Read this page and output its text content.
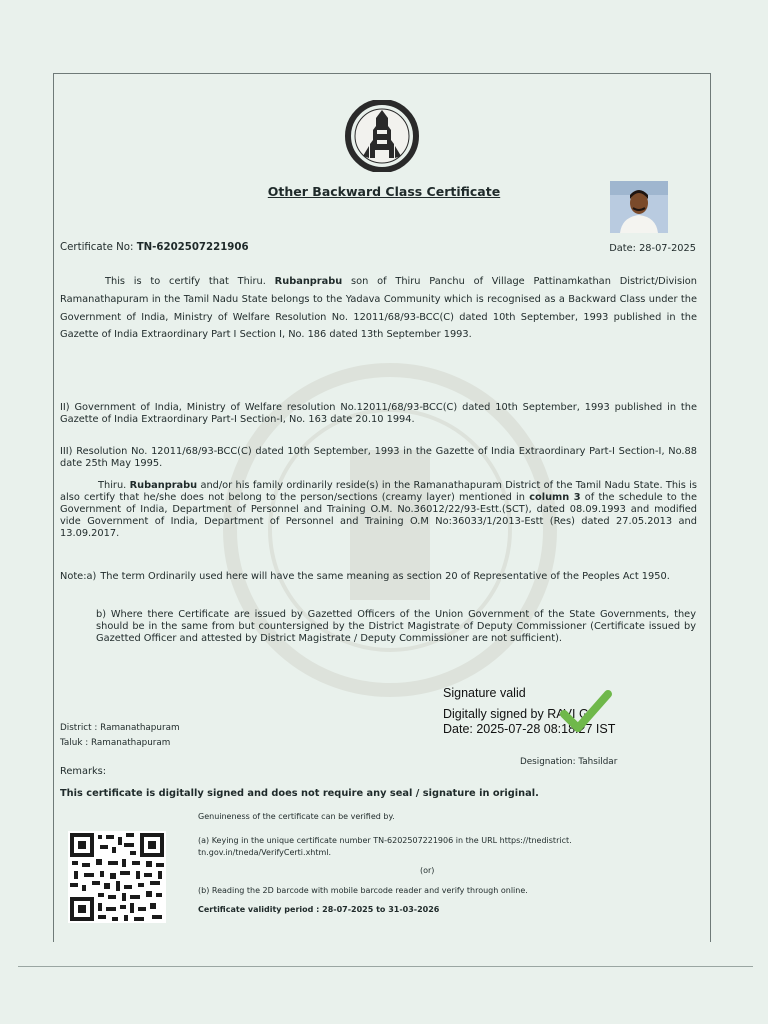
Other Backward Class Certificate
Certificate No: TN-6202507221906	Date: 28-07-2025
This is to certify that Thiru. Rubanprabu son of Thiru Panchu of Village Pattinamkathan District/Division Ramanathapuram in the Tamil Nadu State belongs to the Yadava Community which is recognised as a Backward Class under the Government of India, Ministry of Welfare Resolution No. 12011/68/93-BCC(C) dated 10th September, 1993 published in the Gazette of India Extraordinary Part I Section I, No. 186 dated 13th September 1993.
II) Government of India, Ministry of Welfare resolution No.12011/68/93-BCC(C) dated 10th September, 1993 published in the Gazette of India Extraordinary Part-I Section-I, No. 163 date 20.10 1994.
III) Resolution No. 12011/68/93-BCC(C) dated 10th September, 1993 in the Gazette of India Extraordinary Part-I Section-I, No.88 date 25th May 1995.
Thiru. Rubanprabu and/or his family ordinarily reside(s) in the Ramanathapuram District of the Tamil Nadu State. This is also certify that he/she does not belong to the person/sections (creamy layer) mentioned in column 3 of the schedule to the Government of India, Department of Personnel and Training O.M. No.36012/22/93-Estt.(SCT), dated 08.09.1993 and modified vide Government of India, Department of Personnel and Training O.M No:36033/1/2013-Estt (Res) dated 27.05.2013 and 13.09.2017.
Note:a) The term Ordinarily used here will have the same meaning as section 20 of Representative of the Peoples Act 1950.
b) Where there Certificate are issued by Gazetted Officers of the Union Government of the State Governments, they should be in the same from but countersigned by the District Magistrate of Deputy Commissioner (Certificate issued by Gazetted Officer and attested by District Magistrate / Deputy Commissioner are not sufficient).
Signature valid
Digitally signed by RAVI G
Date: 2025-07-28 08:18:27 IST
District : Ramanathapuram
Taluk : Ramanathapuram
Designation: Tahsildar
Remarks:
This certificate is digitally signed and does not require any seal / signature in original.
Genuineness of the certificate can be verified by.
(a) Keying in the unique certificate number TN-6202507221906 in the URL https://tnedistrict.
tn.gov.in/tneda/VerifyCerti.xhtml.
(or)
(b) Reading the 2D barcode with mobile barcode reader and verify through online.
Certificate validity period : 28-07-2025 to 31-03-2026
